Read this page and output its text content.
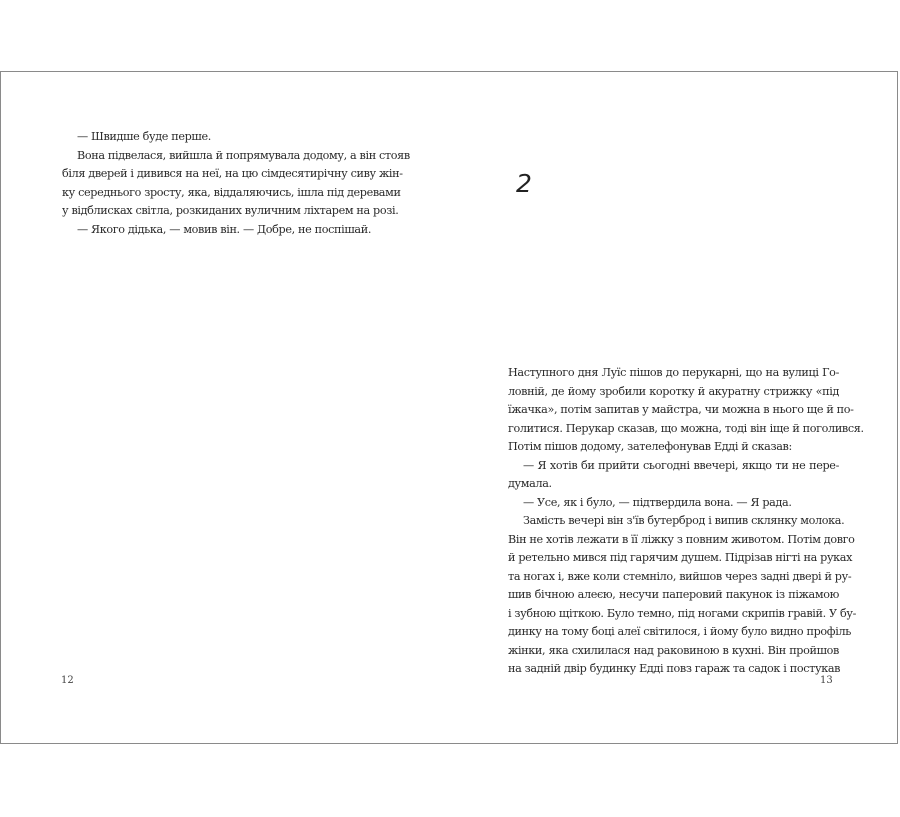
— Швидше буде перше.
Вона підвелася, вийшла й попрямувала додому, а він стояв
біля дверей і дивився на неї, на цю сімдесятирічну сиву жін-
ку середнього зросту, яка, віддаляючись, ішла під деревами
у відблисках світла, розкиданих вуличним ліхтарем на розі.
— Якого дідька, — мовив він. — Добре, не поспішай.
12
2
Наступного дня Луїс пішов до перукарні, що на вулиці Го-
ловній, де йому зробили коротку й акуратну стрижку «під
їжачка», потім запитав у майстра, чи можна в нього ще й по-
голитися. Перукар сказав, що можна, тоді він іще й поголився.
Потім пішов додому, зателефонував Едді й сказав:
— Я хотів би прийти сьогодні ввечері, якщо ти не пере-
думала.
— Усе, як і було, — підтвердила вона. — Я рада.
Замість вечері він з'їв бутерброд і випив склянку молока.
Він не хотів лежати в її ліжку з повним животом. Потім довго
й ретельно мився під гарячим душем. Підрізав нігті на руках
та ногах і, вже коли стемніло, вийшов через задні двері й ру-
шив бічною алеєю, несучи паперовий пакунок із піжамою
і зубною щіткою. Було темно, під ногами скрипів гравій. У бу-
динку на тому боці алеї світилося, і йому було видно профіль
жінки, яка схилилася над раковиною в кухні. Він пройшов
на задній двір будинку Едді повз гараж та садок і постукав
13
